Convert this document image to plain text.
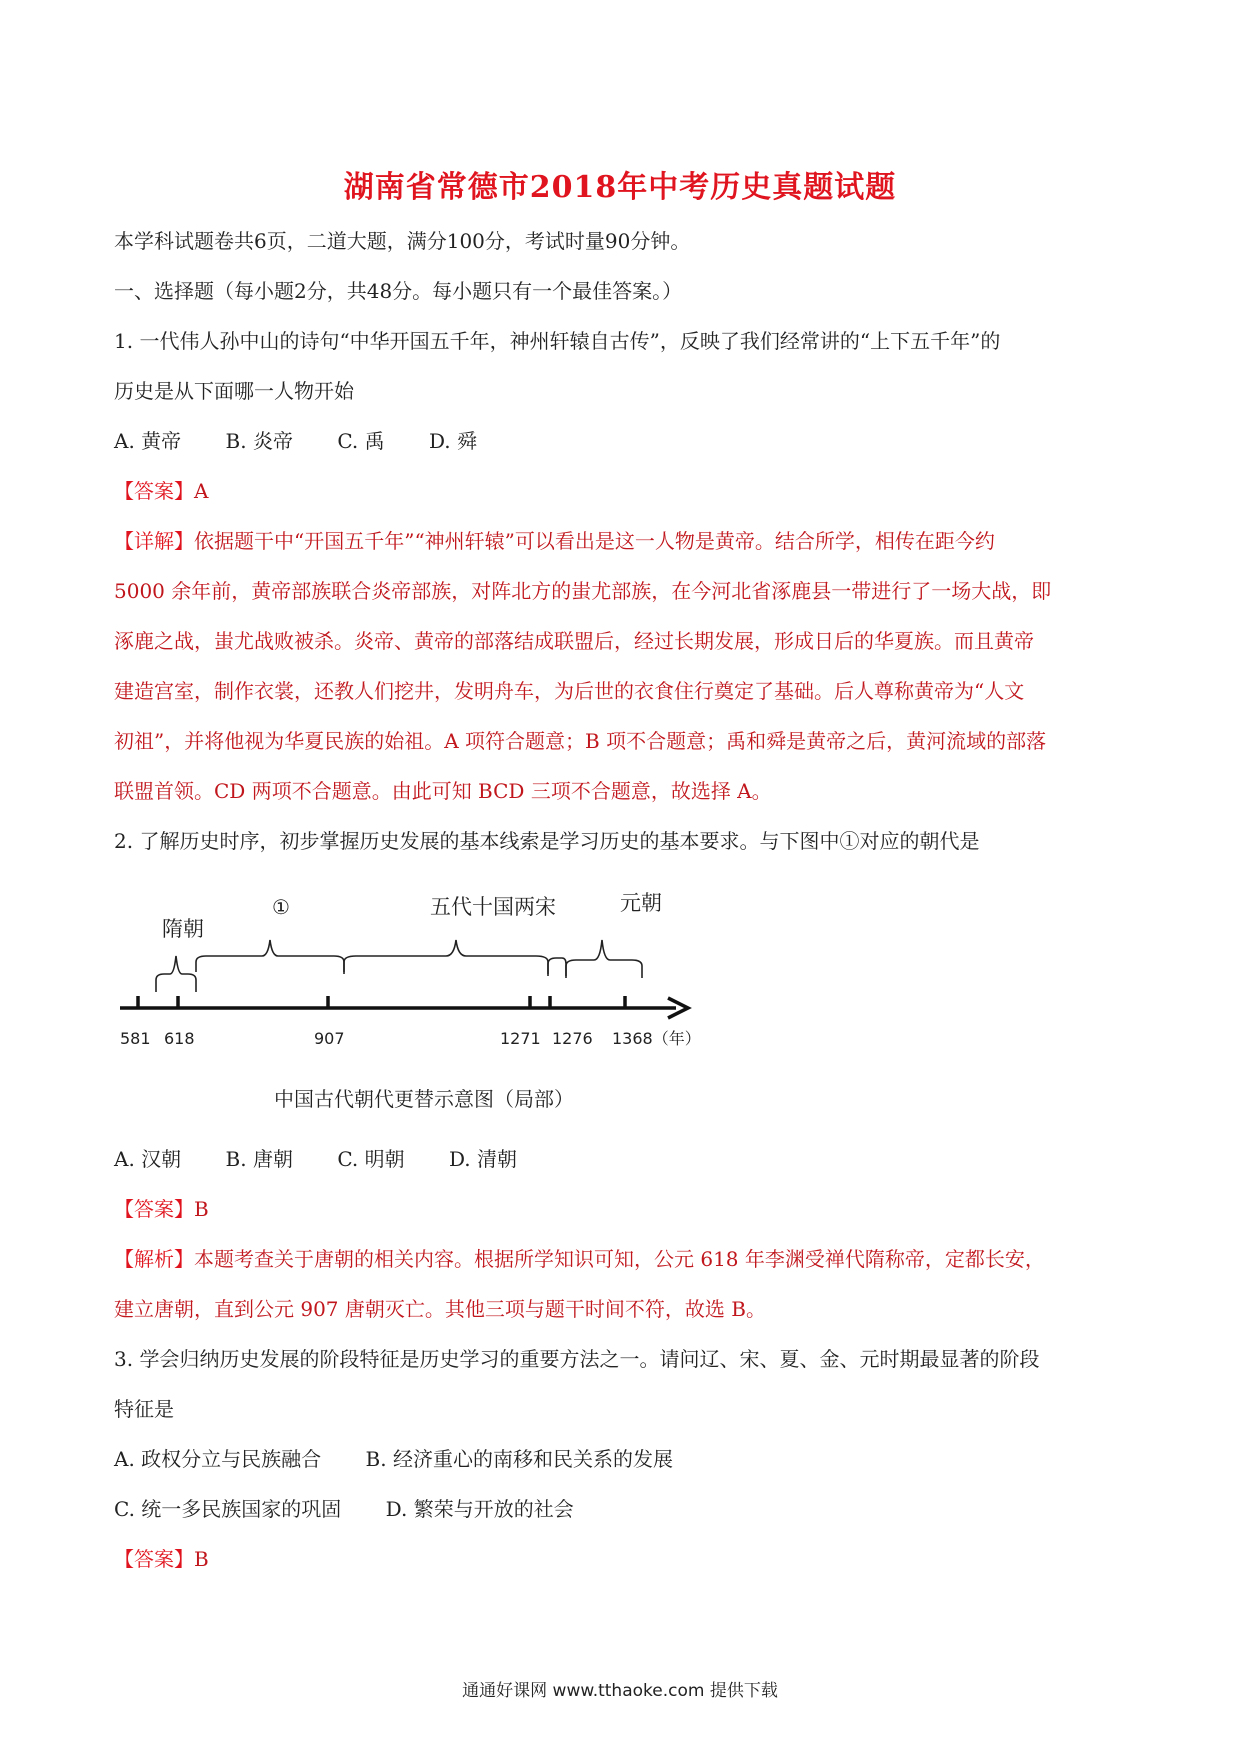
湖南省常德市2018年中考历史真题试题
本学科试题卷共6页，二道大题，满分100分，考试时量90分钟。
一、选择题（每小题2分，共48分。每小题只有一个最佳答案。）
1. 一代伟人孙中山的诗句“中华开国五千年，神州轩辕自古传”，反映了我们经常讲的“上下五千年”的
历史是从下面哪一人物开始
A. 黄帝 B. 炎帝 C. 禹 D. 舜
【答案】A
【详解】依据题干中“开国五千年”“神州轩辕”可以看出是这一人物是黄帝。结合所学，相传在距今约
5000 余年前，黄帝部族联合炎帝部族，对阵北方的蚩尤部族，在今河北省涿鹿县一带进行了一场大战，即
涿鹿之战，蚩尤战败被杀。炎帝、黄帝的部落结成联盟后，经过长期发展，形成日后的华夏族。而且黄帝
建造宫室，制作衣裳，还教人们挖井，发明舟车，为后世的衣食住行奠定了基础。后人尊称黄帝为“人文
初祖”，并将他视为华夏民族的始祖。A 项符合题意；B 项不合题意；禹和舜是黄帝之后，黄河流域的部落
联盟首领。CD 两项不合题意。由此可知 BCD 三项不合题意，故选择 A。
2. 了解历史时序，初步掌握历史发展的基本线索是学习历史的基本要求。与下图中①对应的朝代是
隋朝
①	五代十国两宋	元朝
581 618	907	1271 1276 1368（年）
中国古代朝代更替示意图（局部）
A. 汉朝 B. 唐朝 C. 明朝 D. 清朝
【答案】B
【解析】本题考查关于唐朝的相关内容。根据所学知识可知，公元 618 年李渊受禅代隋称帝，定都长安，
建立唐朝，直到公元 907 唐朝灭亡。其他三项与题干时间不符，故选 B。
3. 学会归纳历史发展的阶段特征是历史学习的重要方法之一。请问辽、宋、夏、金、元时期最显著的阶段
特征是
A. 政权分立与民族融合 B. 经济重心的南移和民关系的发展
C. 统一多民族国家的巩固 D. 繁荣与开放的社会
【答案】B
通通好课网 www.tthaoke.com 提供下载
